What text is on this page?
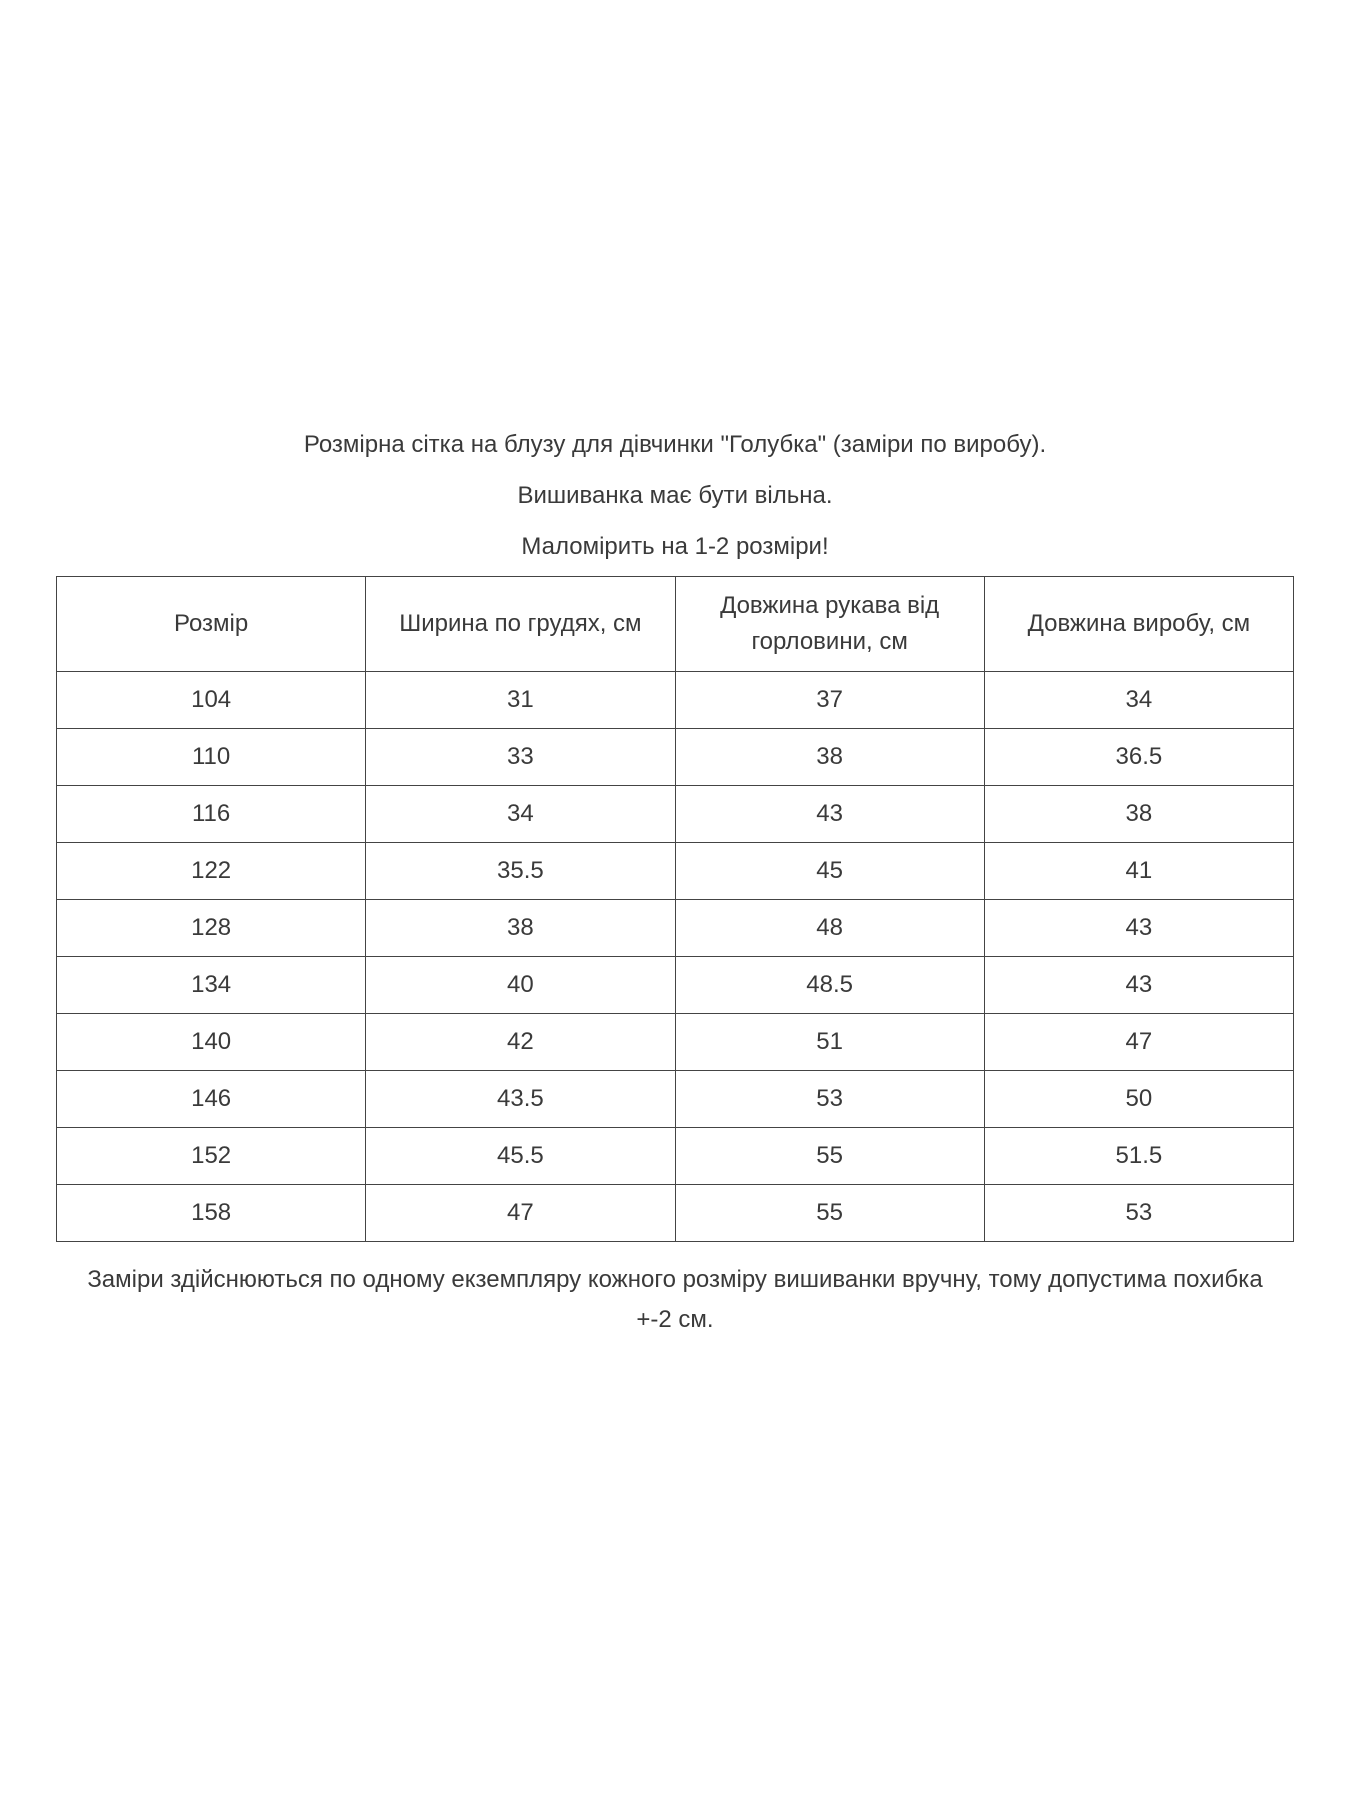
Розмірна сітка на блузу для дівчинки "Голубка" (заміри по виробу).

Вишиванка має бути вільна.

Маломірить на 1-2 розміри!

Розмір	Ширина по грудях, см	Довжина рукава від горловини, см	Довжина виробу, см
104	31	37	34
110	33	38	36.5
116	34	43	38
122	35.5	45	41
128	38	48	43
134	40	48.5	43
140	42	51	47
146	43.5	53	50
152	45.5	55	51.5
158	47	55	53

Заміри здійснюються по одному екземпляру кожного розміру вишиванки вручну, тому допустима похибка +-2 см.
